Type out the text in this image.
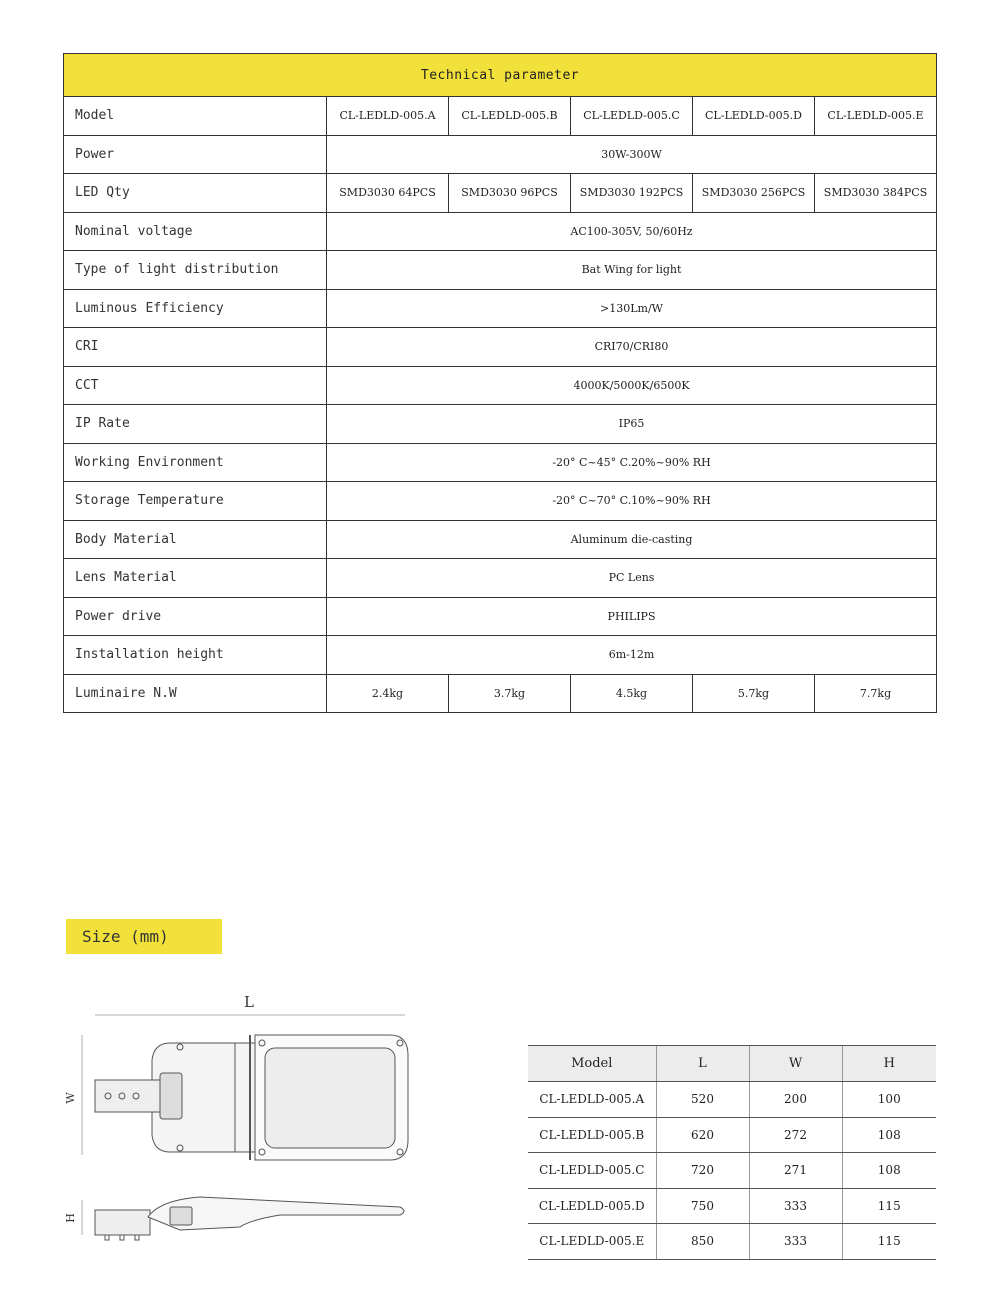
Technical parameter					
Model	CL-LEDLD-005.A	CL-LEDLD-005.B	CL-LEDLD-005.C	CL-LEDLD-005.D	CL-LEDLD-005.E
Power	30W-300W				
LED Qty	SMD3030 64PCS	SMD3030 96PCS	SMD3030 192PCS	SMD3030 256PCS	SMD3030 384PCS
Nominal voltage	AC100-305V, 50/60Hz				
Type of light distribution	Bat Wing for light				
Luminous Efficiency	>130Lm/W				
CRI	CRI70/CRI80				
CCT	4000K/5000K/6500K				
IP Rate	IP65				
Working Environment	-20° C~45° C.20%~90% RH				
Storage Temperature	-20° C~70° C.10%~90% RH				
Body Material	Aluminum die-casting				
Lens Material	PC Lens				
Power drive	PHILIPS				
Installation height	6m-12m				
Luminaire N.W	2.4kg	3.7kg	4.5kg	5.7kg	7.7kg
Size (mm)
L
W
H
Model	L	W	H
CL-LEDLD-005.A	520	200	100
CL-LEDLD-005.B	620	272	108
CL-LEDLD-005.C	720	271	108
CL-LEDLD-005.D	750	333	115
CL-LEDLD-005.E	850	333	115
